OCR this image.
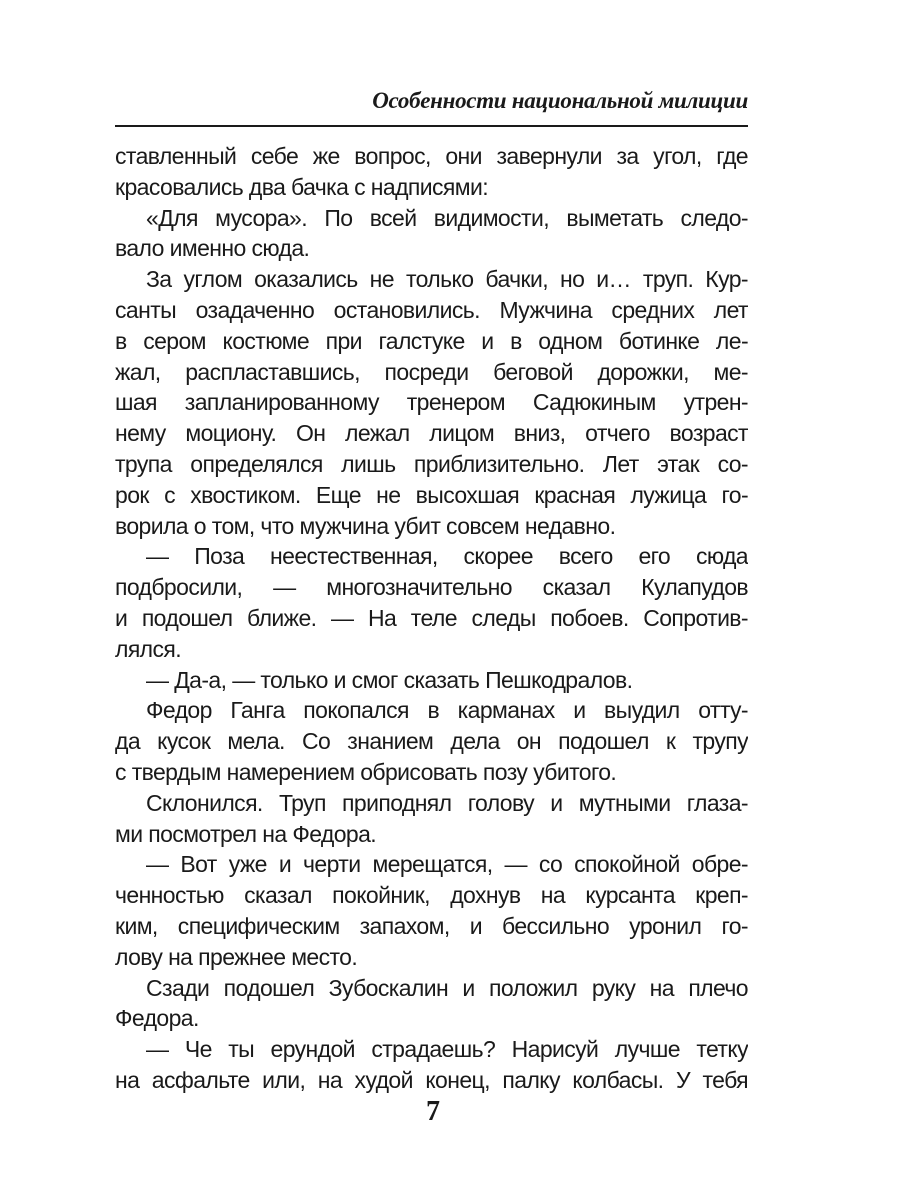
Особенности национальной милиции
ставленный себе же вопрос, они завернули за угол, где
красовались два бачка с надписями:
«Для мусора». По всей видимости, выметать следо-
вало именно сюда.
За углом оказались не только бачки, но и… труп. Кур-
санты озадаченно остановились. Мужчина средних лет
в сером костюме при галстуке и в одном ботинке ле-
жал, распластавшись, посреди беговой дорожки, ме-
шая запланированному тренером Садюкиным утрен-
нему моциону. Он лежал лицом вниз, отчего возраст
трупа определялся лишь приблизительно. Лет этак со-
рок с хвостиком. Еще не высохшая красная лужица го-
ворила о том, что мужчина убит совсем недавно.
— Поза неестественная, скорее всего его сюда
подбросили, — многозначительно сказал Кулапудов
и подошел ближе. — На теле следы побоев. Сопротив-
лялся.
— Да-а, — только и смог сказать Пешкодралов.
Федор Ганга покопался в карманах и выудил отту-
да кусок мела. Со знанием дела он подошел к трупу
с твердым намерением обрисовать позу убитого.
Склонился. Труп приподнял голову и мутными глаза-
ми посмотрел на Федора.
— Вот уже и черти мерещатся, — со спокойной обре-
ченностью сказал покойник, дохнув на курсанта креп-
ким, специфическим запахом, и бессильно уронил го-
лову на прежнее место.
Сзади подошел Зубоскалин и положил руку на плечо
Федора.
— Че ты ерундой страдаешь? Нарисуй лучше тетку
на асфальте или, на худой конец, палку колбасы. У тебя
7
